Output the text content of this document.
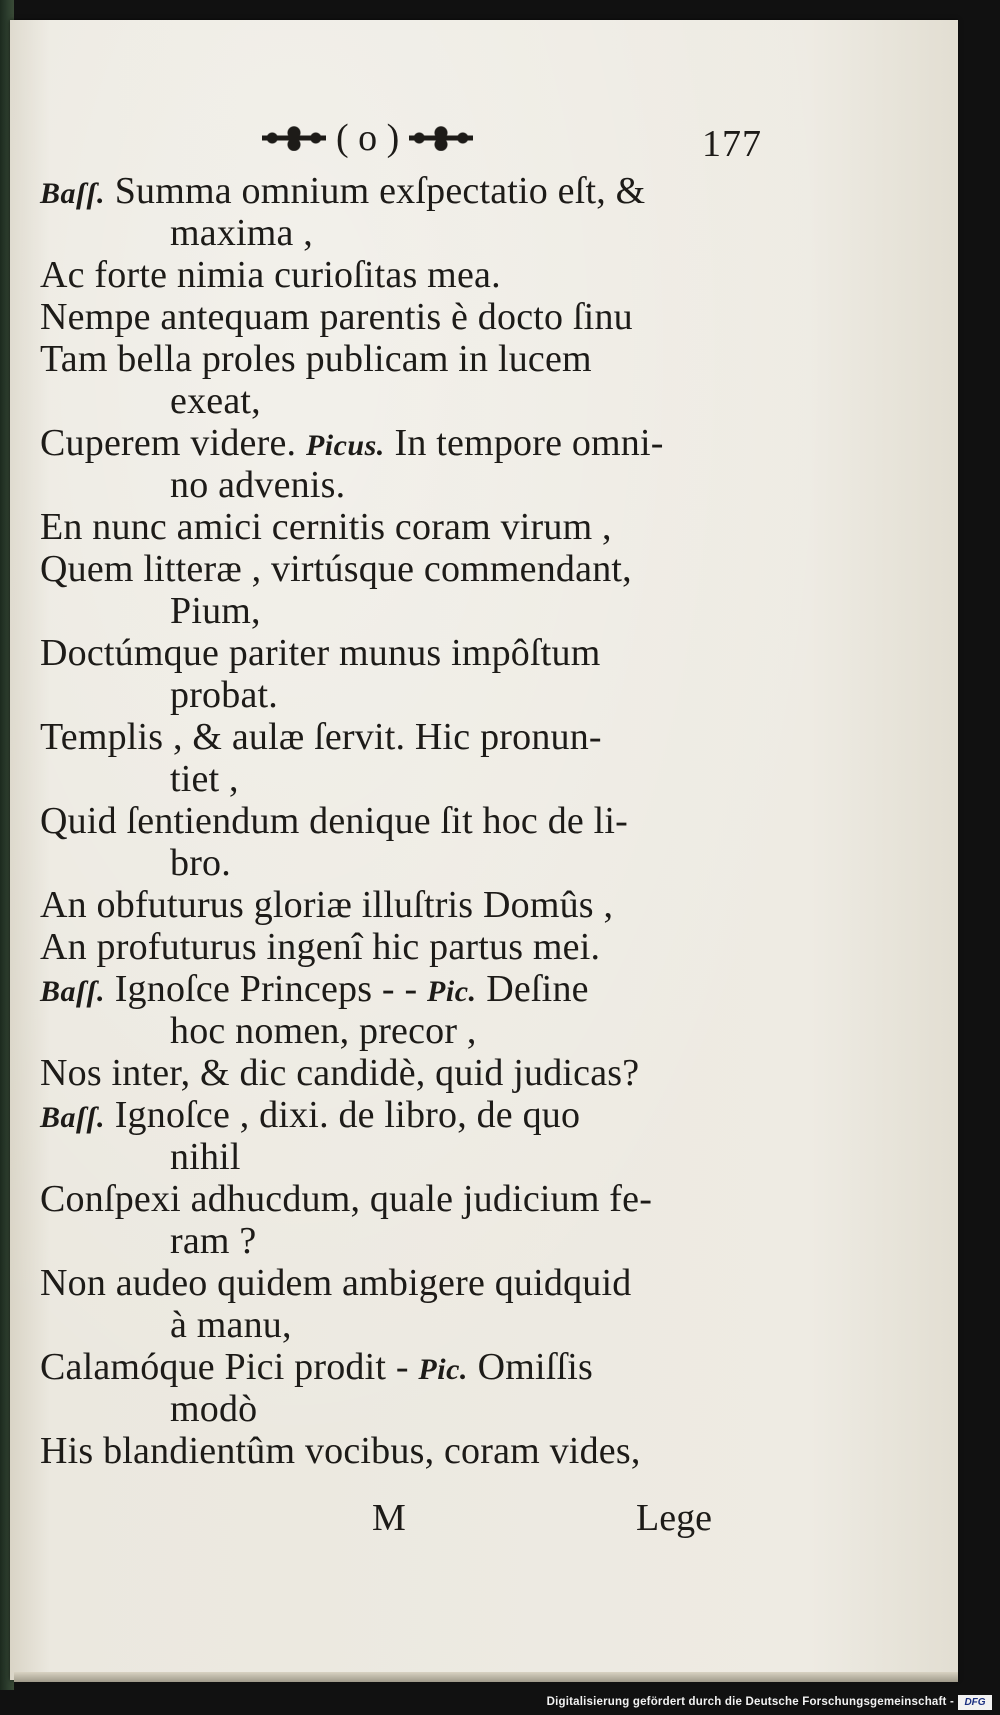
( o )	177
Baſſ. Summa omnium exſpectatio eſt, &
maxima ,
Ac forte nimia curioſitas mea.
Nempe antequam parentis è docto ſinu
Tam bella proles publicam in lucem
exeat,
Cuperem videre. Picus. In tempore omni-
no advenis.
En nunc amici cernitis coram virum ,
Quem litteræ , virtúsque commendant,
Pium,
Doctúmque pariter munus impôſtum
probat.
Templis , & aulæ ſervit. Hic pronun-
tiet ,
Quid ſentiendum denique ſit hoc de li-
bro.
An obfuturus gloriæ illuſtris Domûs ,
An profuturus ingenî hic partus mei.
Baſſ. Ignoſce Princeps - - Pic. Deſine
hoc nomen, precor ,
Nos inter, & dic candidè, quid judicas?
Baſſ. Ignoſce , dixi. de libro, de quo
nihil
Conſpexi adhucdum, quale judicium fe-
ram ?
Non audeo quidem ambigere quidquid
à manu,
Calamóque Pici prodit - Pic. Omiſſis
modò
His blandientûm vocibus, coram vides,
M	Lege
Digitalisierung gefördert durch die Deutsche Forschungsgemeinschaft -	DFG
